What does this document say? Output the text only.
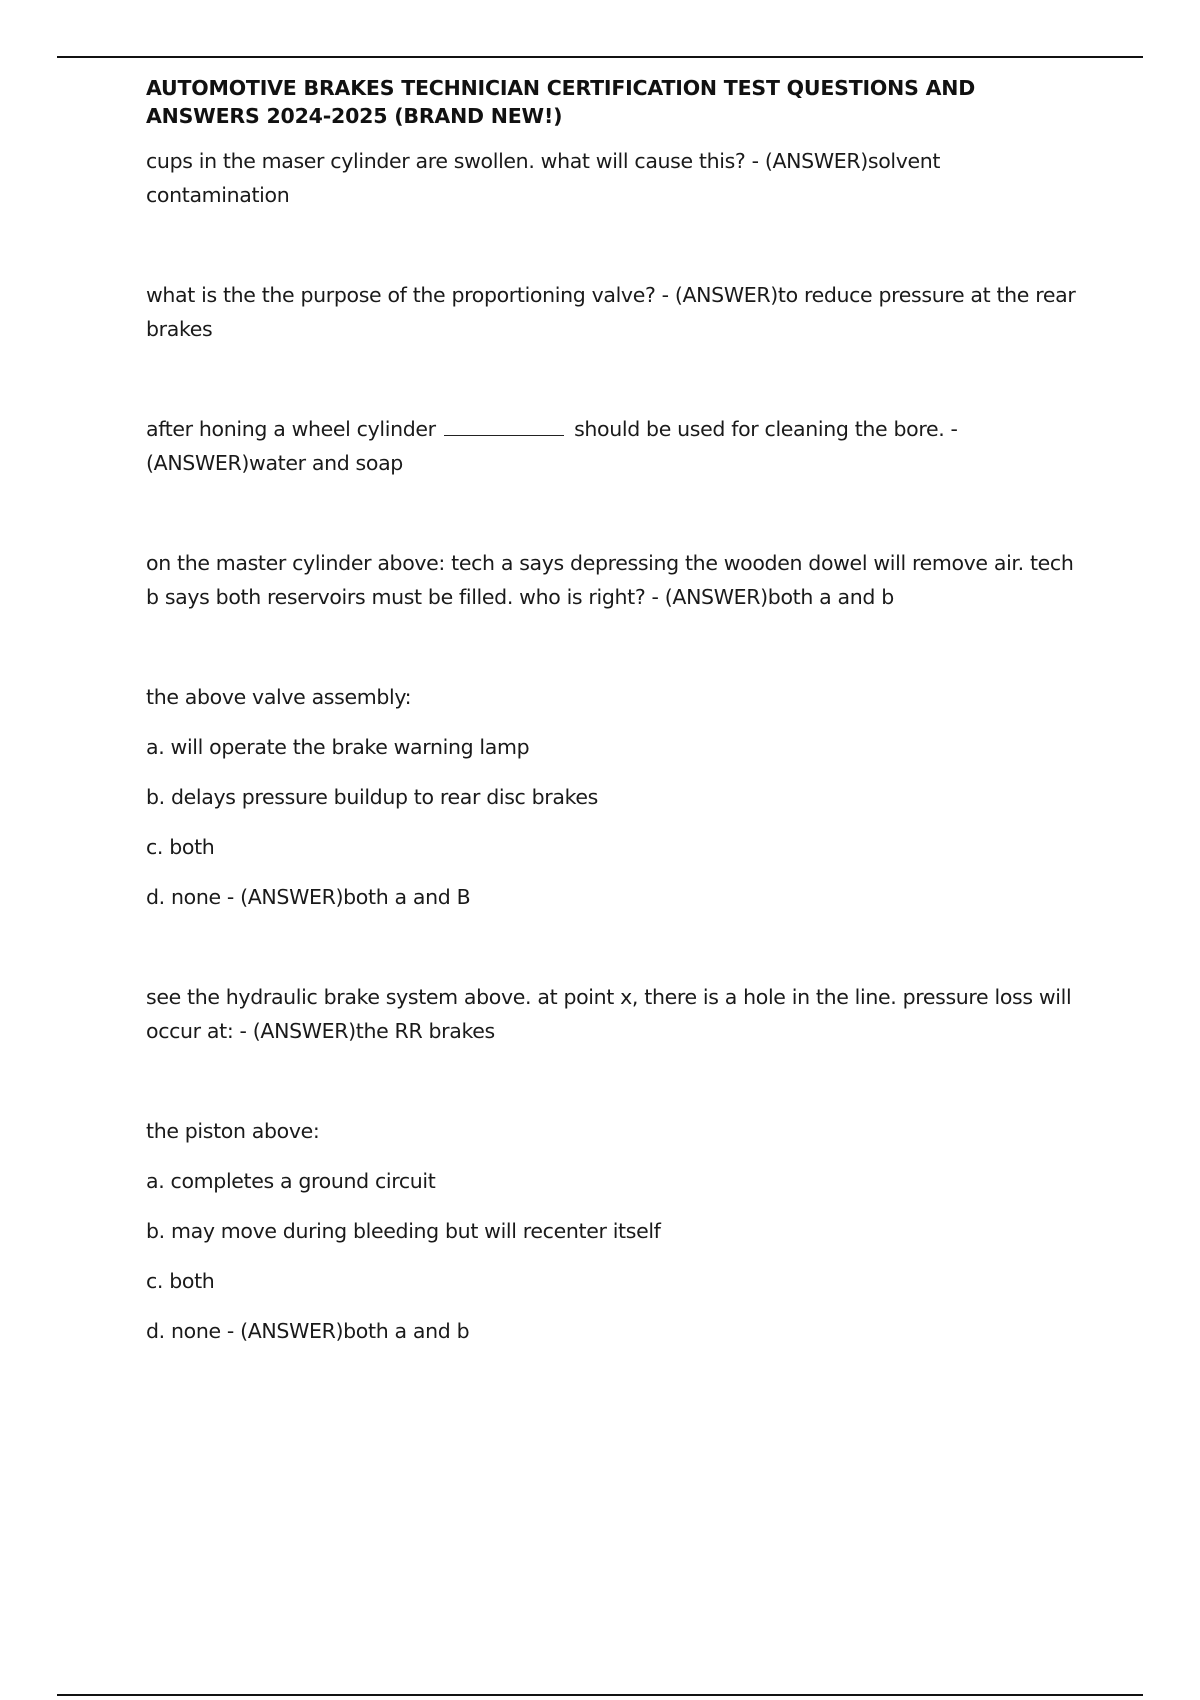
AUTOMOTIVE BRAKES TECHNICIAN CERTIFICATION TEST QUESTIONS AND ANSWERS 2024-2025 (BRAND NEW!)

cups in the maser cylinder are swollen. what will cause this? - (ANSWER)solvent contamination

what is the the purpose of the proportioning valve? - (ANSWER)to reduce pressure at the rear brakes

after honing a wheel cylinder	should be used for cleaning the bore. - (ANSWER)water and soap

on the master cylinder above: tech a says depressing the wooden dowel will remove air. tech b says both reservoirs must be filled. who is right? - (ANSWER)both a and b

the above valve assembly:

a. will operate the brake warning lamp

b. delays pressure buildup to rear disc brakes

c. both

d. none - (ANSWER)both a and B

see the hydraulic brake system above. at point x, there is a hole in the line. pressure loss will occur at: - (ANSWER)the RR brakes

the piston above:

a. completes a ground circuit

b. may move during bleeding but will recenter itself

c. both

d. none - (ANSWER)both a and b
